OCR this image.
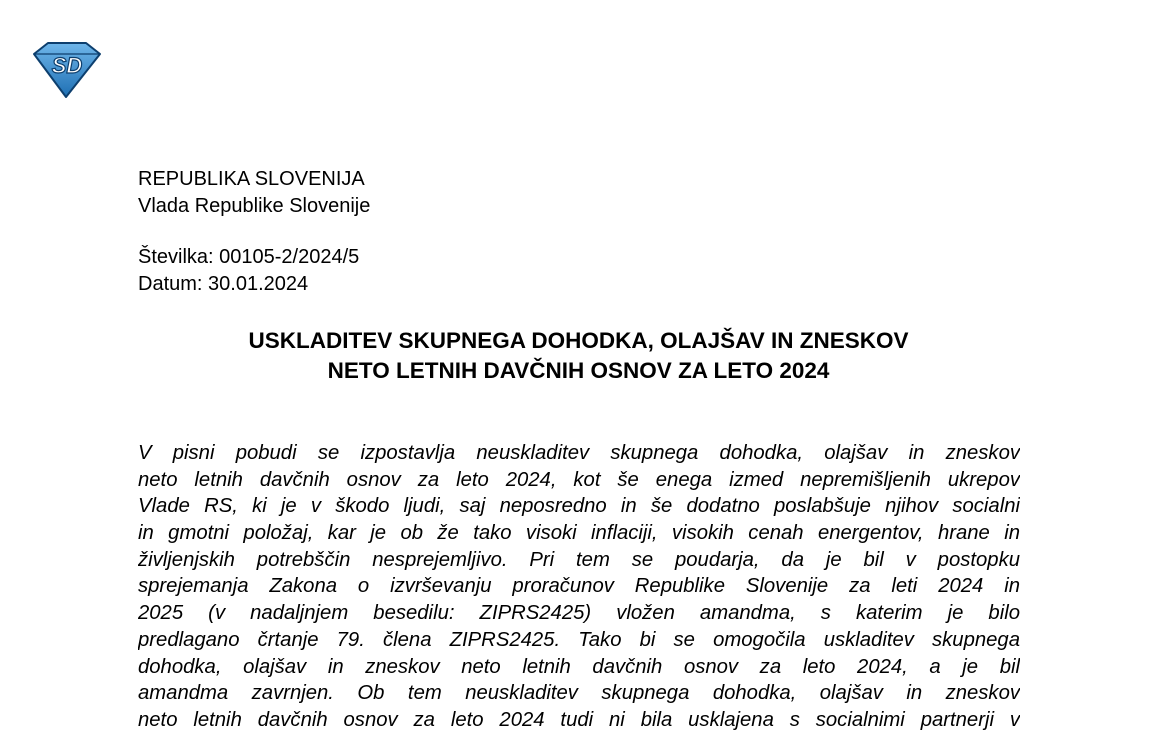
SD
REPUBLIKA SLOVENIJA
Vlada Republike Slovenije
Številka: 00105-2/2024/5
Datum: 30.01.2024
USKLADITEV SKUPNEGA DOHODKA, OLAJŠAV IN ZNESKOV
NETO LETNIH DAVČNIH OSNOV ZA LETO 2024
V pisni pobudi se izpostavlja neuskladitev skupnega dohodka, olajšav in zneskov
neto letnih davčnih osnov za leto 2024, kot še enega izmed nepremišljenih ukrepov
Vlade RS, ki je v škodo ljudi, saj neposredno in še dodatno poslabšuje njihov socialni
in gmotni položaj, kar je ob že tako visoki inflaciji, visokih cenah energentov, hrane in
življenjskih potrebščin nesprejemljivo. Pri tem se poudarja, da je bil v postopku
sprejemanja Zakona o izvrševanju proračunov Republike Slovenije za leti 2024 in
2025 (v nadaljnjem besedilu: ZIPRS2425) vložen amandma, s katerim je bilo
predlagano črtanje 79. člena ZIPRS2425. Tako bi se omogočila uskladitev skupnega
dohodka, olajšav in zneskov neto letnih davčnih osnov za leto 2024, a je bil
amandma zavrnjen. Ob tem neuskladitev skupnega dohodka, olajšav in zneskov
neto letnih davčnih osnov za leto 2024 tudi ni bila usklajena s socialnimi partnerji v
